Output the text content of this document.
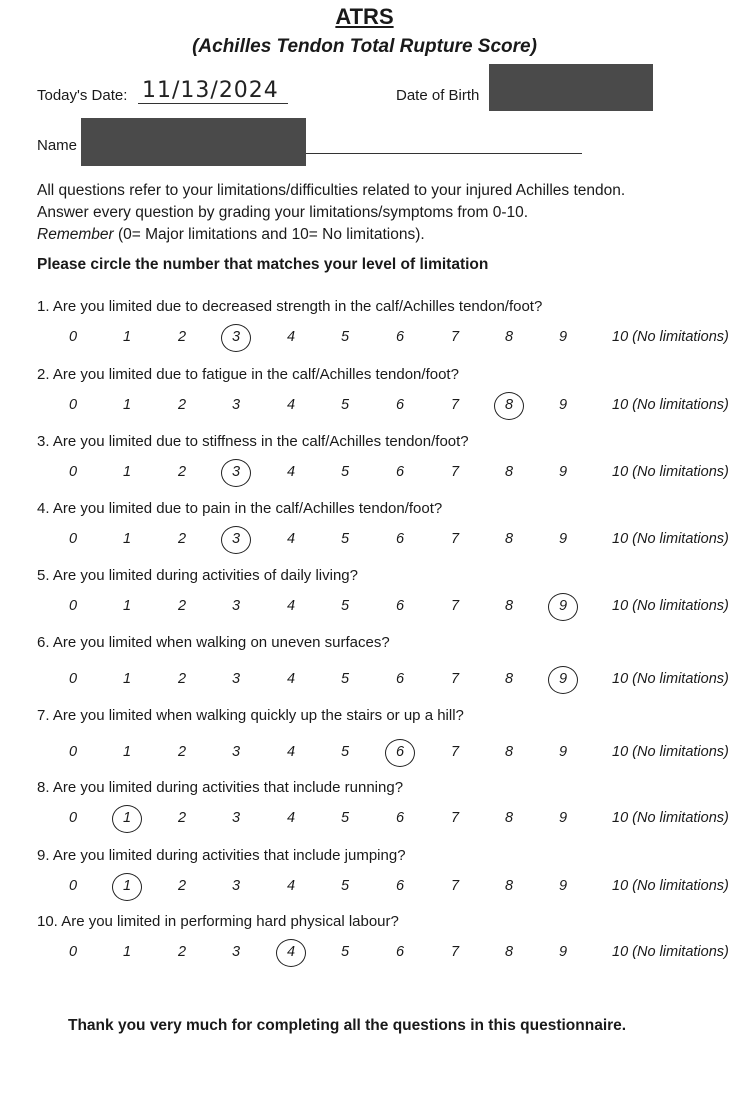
ATRS
(Achilles Tendon Total Rupture Score)
Today's Date: 11/13/2024	Date of Birth
Name
All questions refer to your limitations/difficulties related to your injured Achilles tendon.
Answer every question by grading your limitations/symptoms from 0-10.
Remember (0= Major limitations and 10= No limitations).
Please circle the number that matches your level of limitation
1. Are you limited due to decreased strength in the calf/Achilles tendon/foot?
0	1	2	3	4	5	6	7	8	9	10 (No limitations)
2. Are you limited due to fatigue in the calf/Achilles tendon/foot?
0	1	2	3	4	5	6	7	8	9	10 (No limitations)
3. Are you limited due to stiffness in the calf/Achilles tendon/foot?
0	1	2	3	4	5	6	7	8	9	10 (No limitations)
4. Are you limited due to pain in the calf/Achilles tendon/foot?
0	1	2	3	4	5	6	7	8	9	10 (No limitations)
5. Are you limited during activities of daily living?
0	1	2	3	4	5	6	7	8	9	10 (No limitations)
6. Are you limited when walking on uneven surfaces?
0	1	2	3	4	5	6	7	8	9	10 (No limitations)
7. Are you limited when walking quickly up the stairs or up a hill?
0	1	2	3	4	5	6	7	8	9	10 (No limitations)
8. Are you limited during activities that include running?
0	1	2	3	4	5	6	7	8	9	10 (No limitations)
9. Are you limited during activities that include jumping?
0	1	2	3	4	5	6	7	8	9	10 (No limitations)
10. Are you limited in performing hard physical labour?
0	1	2	3	4	5	6	7	8	9	10 (No limitations)
Thank you very much for completing all the questions in this questionnaire.
